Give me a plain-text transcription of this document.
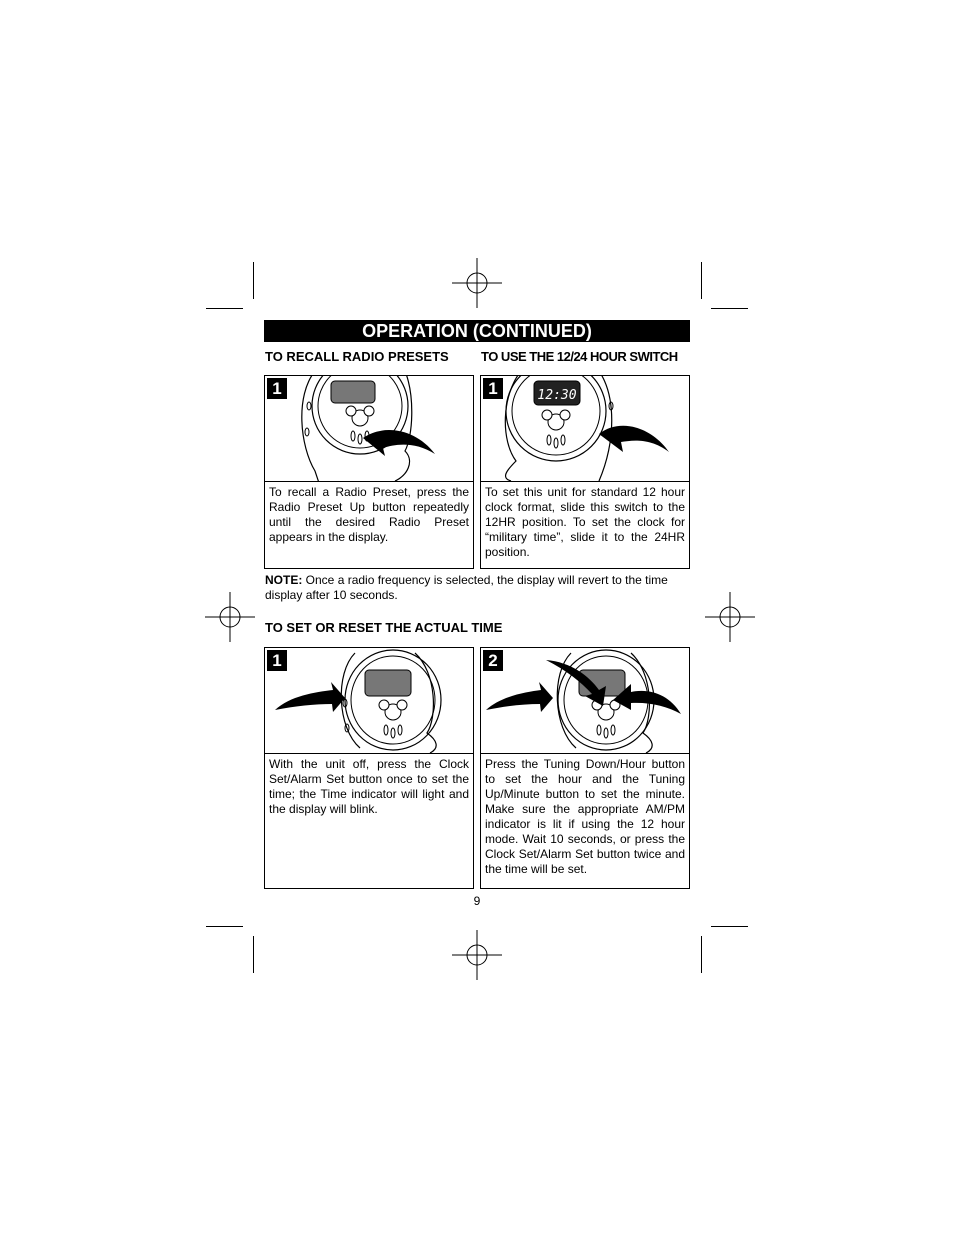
OPERATION (CONTINUED)
TO RECALL RADIO PRESETS TO USE THE 12/24 HOUR SWITCH
1
To recall a Radio Preset, press the Radio Preset Up button repeatedly until the desired Radio Preset appears in the display.
1	12:30
To set this unit for standard 12 hour clock format, slide this switch to the 12HR position. To set the clock for “military time”, slide it to the 24HR position.
NOTE: Once a radio frequency is selected, the display will revert to the time display after 10 seconds.
TO SET OR RESET THE ACTUAL TIME
1
With the unit off, press the Clock Set/Alarm Set button once to set the time; the Time indicator will light and the display will blink.
2
Press the Tuning Down/Hour button to set the hour and the Tuning Up/Minute button to set the minute. Make sure the appropriate AM/PM indicator is lit if using the 12 hour mode. Wait 10 seconds, or press the Clock Set/Alarm Set button twice and the time will be set.
9
